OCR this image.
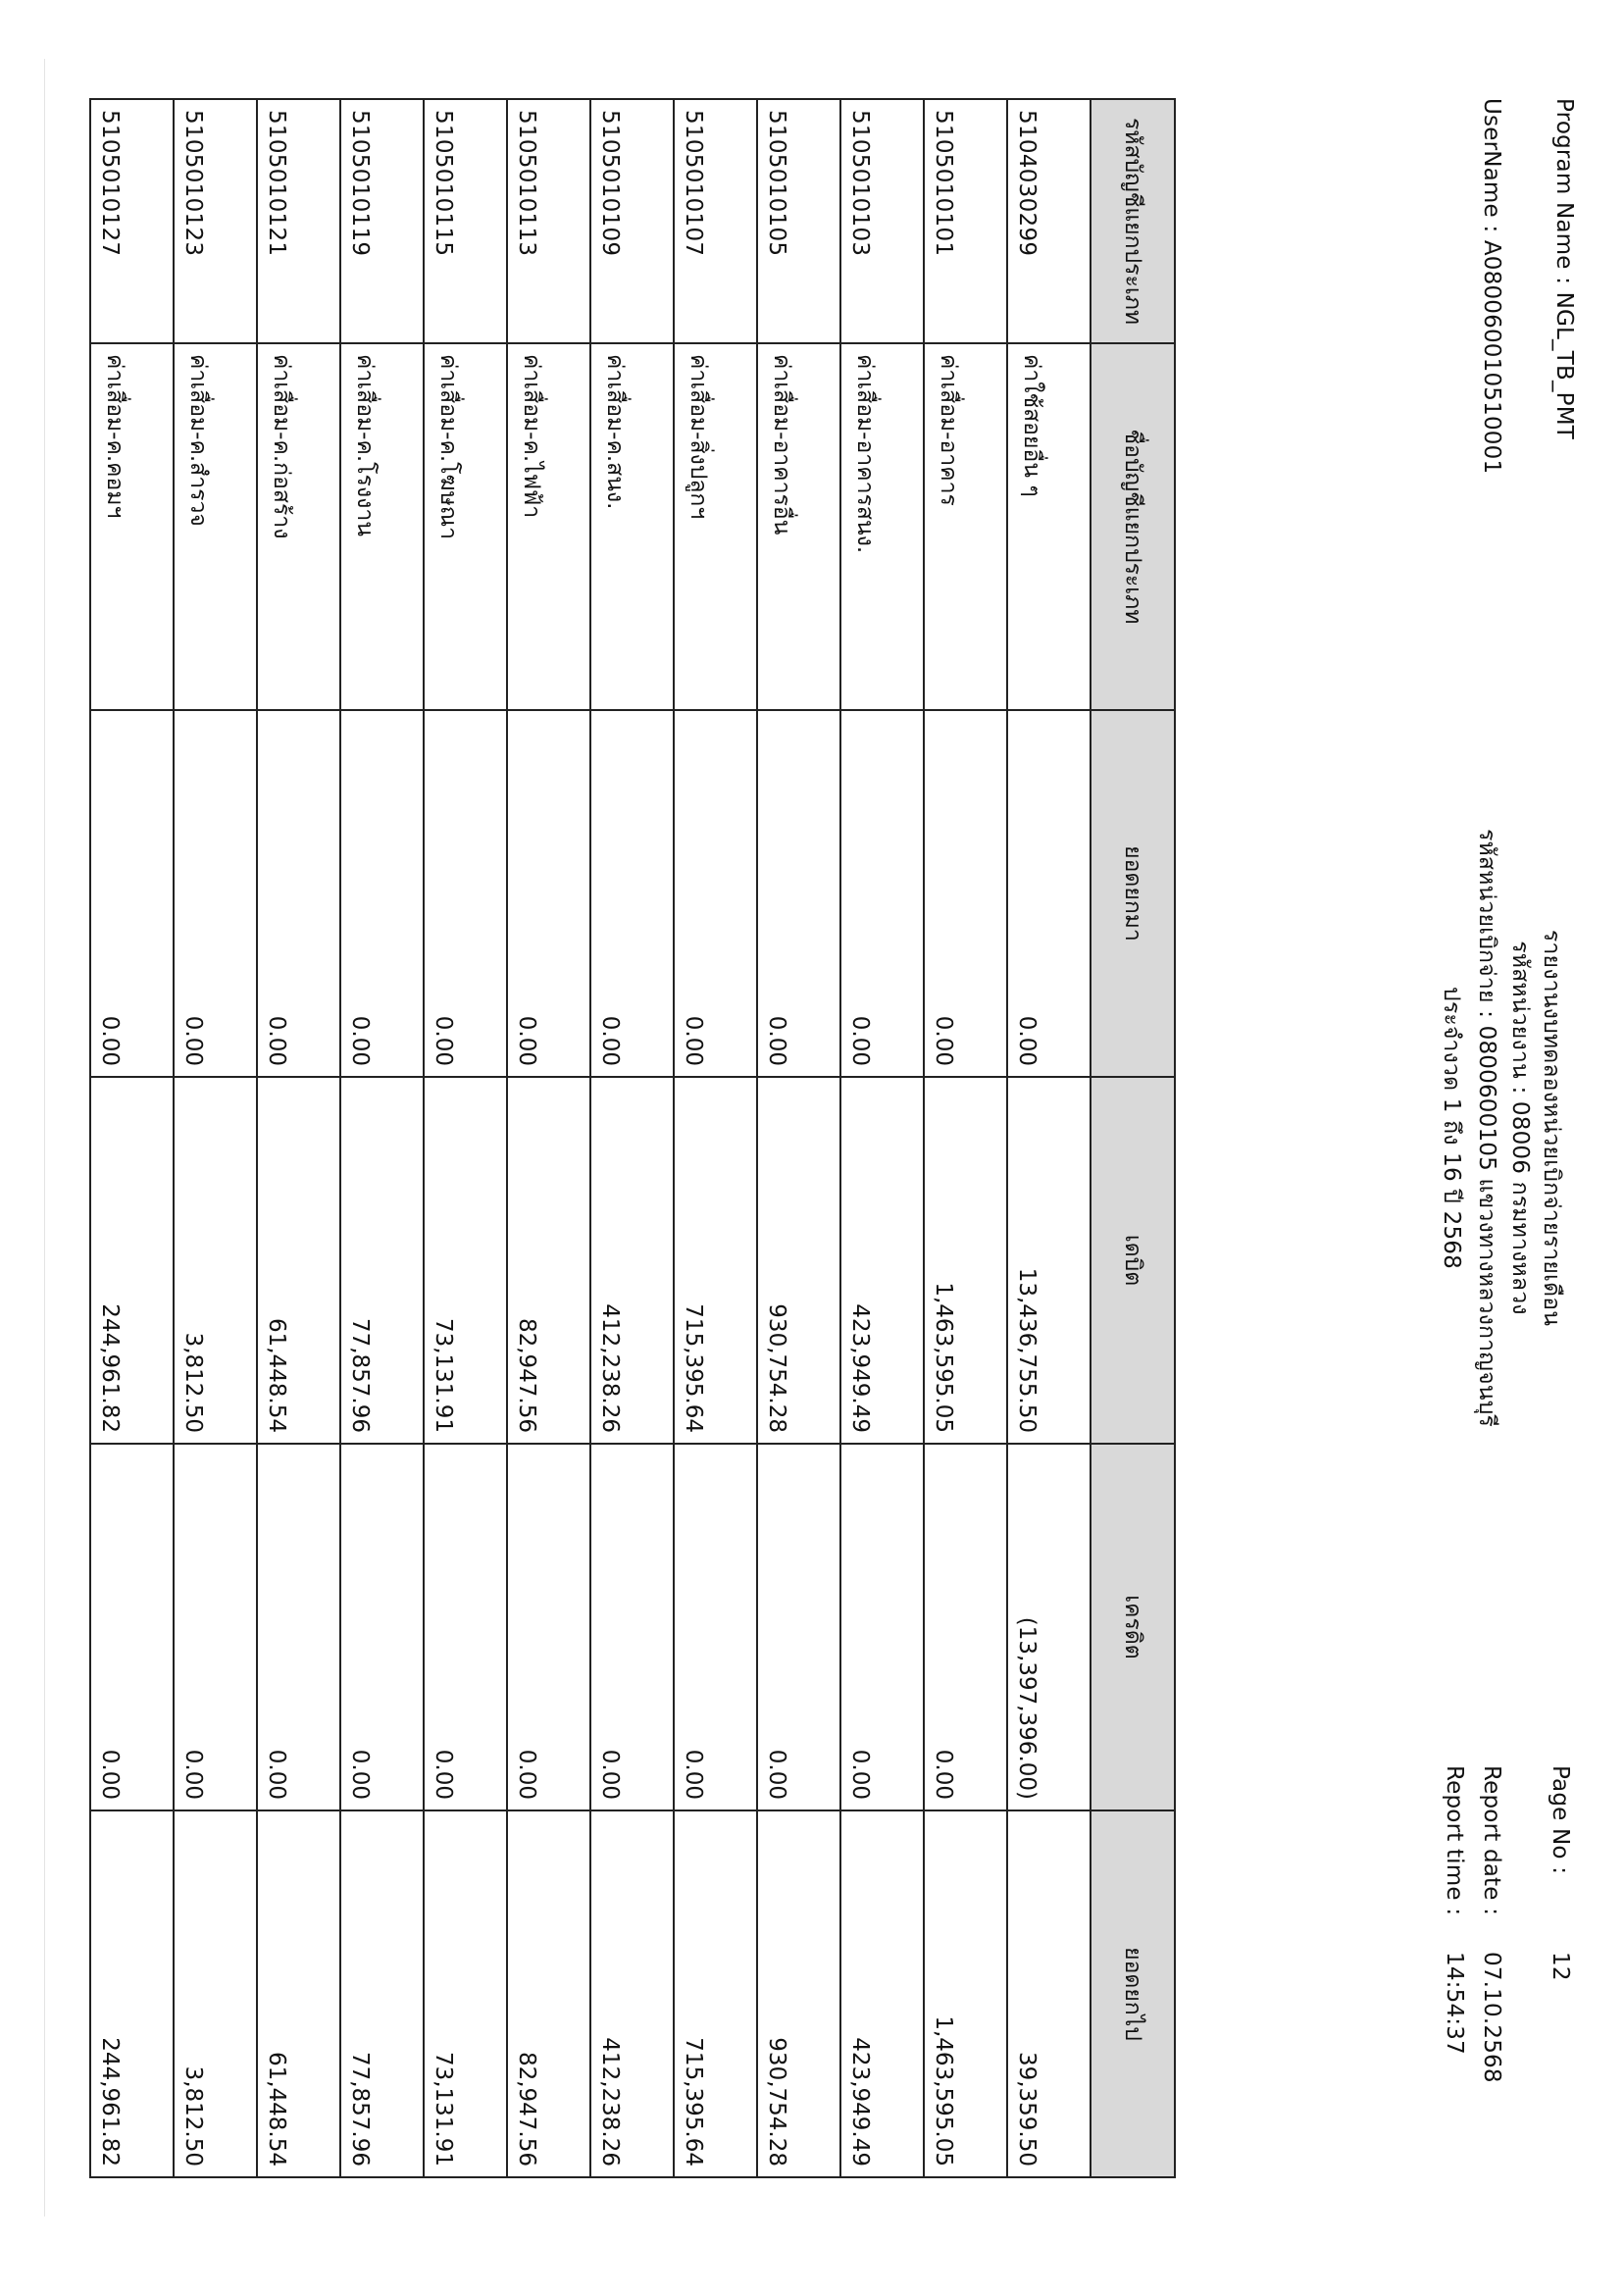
Program Name : NGL_TB_PMT
UserName : A080060010510001
รายงานงบทดลองหน่วยเบิกจ่ายรายเดือน
รหัสหน่วยงาน : 08006 กรมทางหลวง
รหัสหน่วยเบิกจ่าย : 0800600105 แขวงทางหลวงกาญจนบุรี
ประจำงวด 1 ถึง 16 ปี 2568
Page No :
12
Report date :
07.10.2568
Report time :
14:54:37
รหัสบัญชีแยกประเภท	ชื่อบัญชีแยกประเภท	ยอดยกมา	เดบิต	เครดิต	ยอดยกไป
5104030299	ค่าใช้สอยอื่น ๆ	0.00	13,436,755.50	(13,397,396.00)	39,359.50
5105010101	ค่าเสื่อม-อาคาร	0.00	1,463,595.05	0.00	1,463,595.05
5105010103	ค่าเสื่อม-อาคารสนง.	0.00	423,949.49	0.00	423,949.49
5105010105	ค่าเสื่อม-อาคารอื่น	0.00	930,754.28	0.00	930,754.28
5105010107	ค่าเสื่อม-สิ่งปลูกฯ	0.00	715,395.64	0.00	715,395.64
5105010109	ค่าเสื่อม-ค.สนง.	0.00	412,238.26	0.00	412,238.26
5105010113	ค่าเสื่อม-ค.ไฟฟ้า	0.00	82,947.56	0.00	82,947.56
5105010115	ค่าเสื่อม-ค.โฆษณา	0.00	73,131.91	0.00	73,131.91
5105010119	ค่าเสื่อม-ค.โรงงาน	0.00	77,857.96	0.00	77,857.96
5105010121	ค่าเสื่อม-ค.ก่อสร้าง	0.00	61,448.54	0.00	61,448.54
5105010123	ค่าเสื่อม-ค.สำรวจ	0.00	3,812.50	0.00	3,812.50
5105010127	ค่าเสื่อม-ค.คอมฯ	0.00	244,961.82	0.00	244,961.82
